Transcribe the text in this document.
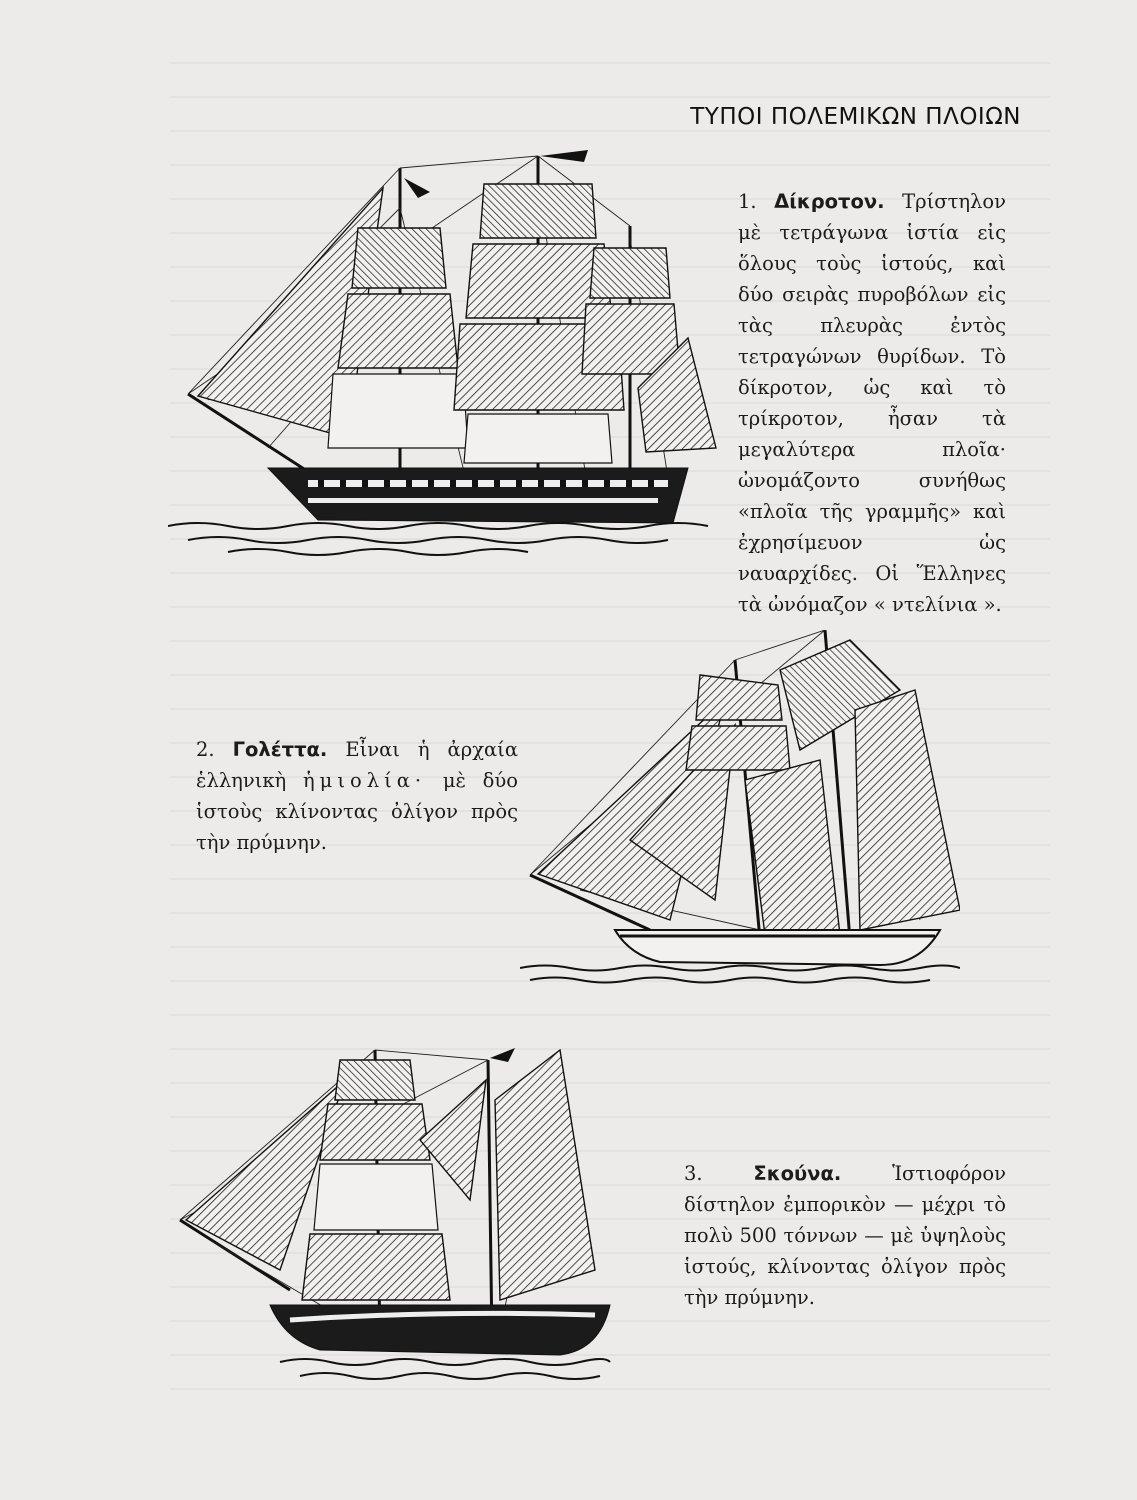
ΤΥΠΟΙ ΠΟΛΕΜΙΚΩΝ ΠΛΟΙΩΝ
1. Δίκροτον. Τρίστηλον μὲ τετράγωνα ἱστία εἰς ὅλους τοὺς ἱστούς, καὶ δύο σειρὰς πυροβόλων εἰς τὰς πλευρὰς ἐντὸς τετραγώνων θυρίδων. Τὸ δίκροτον, ὡς καὶ τὸ τρίκροτον, ἦσαν τὰ μεγαλύτερα πλοῖα· ὠνομάζοντο συνήθως «πλοῖα τῆς γραμμῆς» καὶ ἐχρησίμευον ὡς ναυαρχίδες. Οἱ Ἕλληνες τὰ ὠνόμαζον « ντελίνια ».
2. Γολέττα. Εἶναι ἡ ἀρχαία ἑλληνικὴ ἡμιολία· μὲ δύο ἱστοὺς κλίνοντας ὀλίγον πρὸς τὴν πρύμνην.
3.	Σκούνα.	Ἱστιοφόρον δίστηλον ἐμπορικὸν — μέχρι τὸ πολὺ 500 τόννων — μὲ ὑψηλοὺς ἱστούς, κλίνοντας ὀλίγον πρὸς τὴν πρύμνην.
